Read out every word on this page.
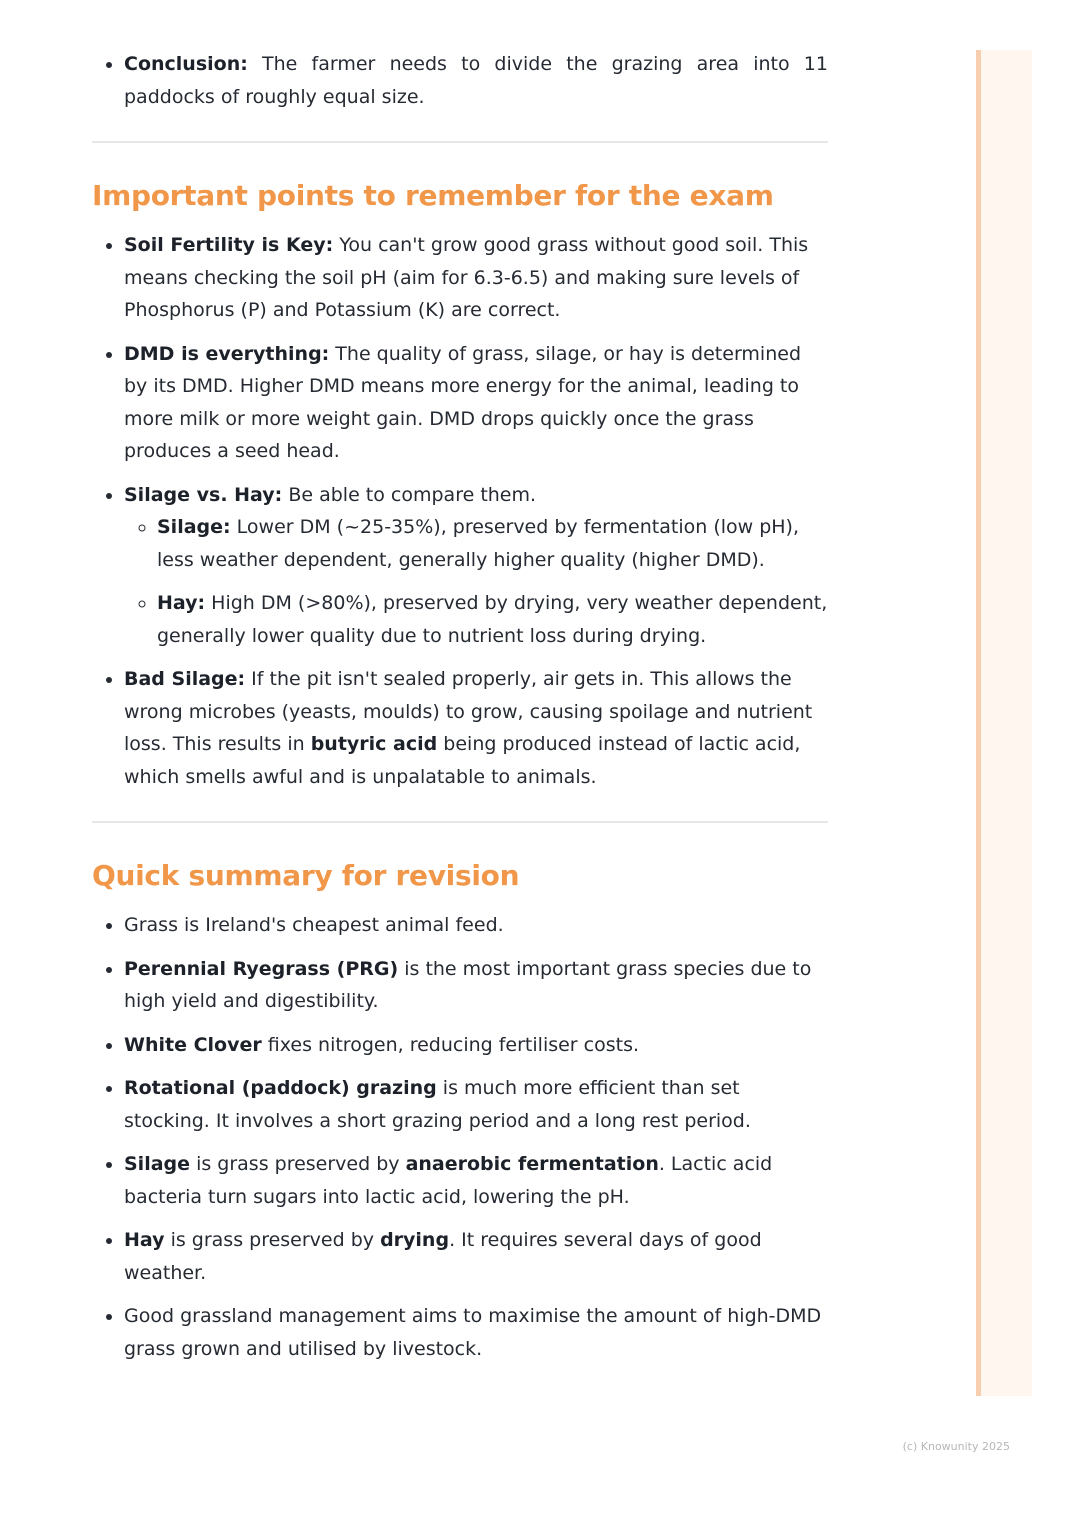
• Conclusion: The farmer needs to divide the grazing area into 11 paddocks of roughly equal size.
Important points to remember for the exam
• Soil Fertility is Key: You can't grow good grass without good soil. This means checking the soil pH (aim for 6.3-6.5) and making sure levels of Phosphorus (P) and Potassium (K) are correct.
• DMD is everything: The quality of grass, silage, or hay is determined by its DMD. Higher DMD means more energy for the animal, leading to more milk or more weight gain. DMD drops quickly once the grass produces a seed head.
• Silage vs. Hay: Be able to compare them.
◦ Silage: Lower DM (~25-35%), preserved by fermentation (low pH), less weather dependent, generally higher quality (higher DMD).
◦ Hay: High DM (>80%), preserved by drying, very weather dependent, generally lower quality due to nutrient loss during drying.
• Bad Silage: If the pit isn't sealed properly, air gets in. This allows the wrong microbes (yeasts, moulds) to grow, causing spoilage and nutrient loss. This results in butyric acid being produced instead of lactic acid, which smells awful and is unpalatable to animals.
Quick summary for revision
• Grass is Ireland's cheapest animal feed.
• Perennial Ryegrass (PRG) is the most important grass species due to high yield and digestibility.
• White Clover fixes nitrogen, reducing fertiliser costs.
• Rotational (paddock) grazing is much more efficient than set stocking. It involves a short grazing period and a long rest period.
• Silage is grass preserved by anaerobic fermentation. Lactic acid bacteria turn sugars into lactic acid, lowering the pH.
• Hay is grass preserved by drying. It requires several days of good weather.
• Good grassland management aims to maximise the amount of high-DMD grass grown and utilised by livestock.
(c) Knowunity 2025
